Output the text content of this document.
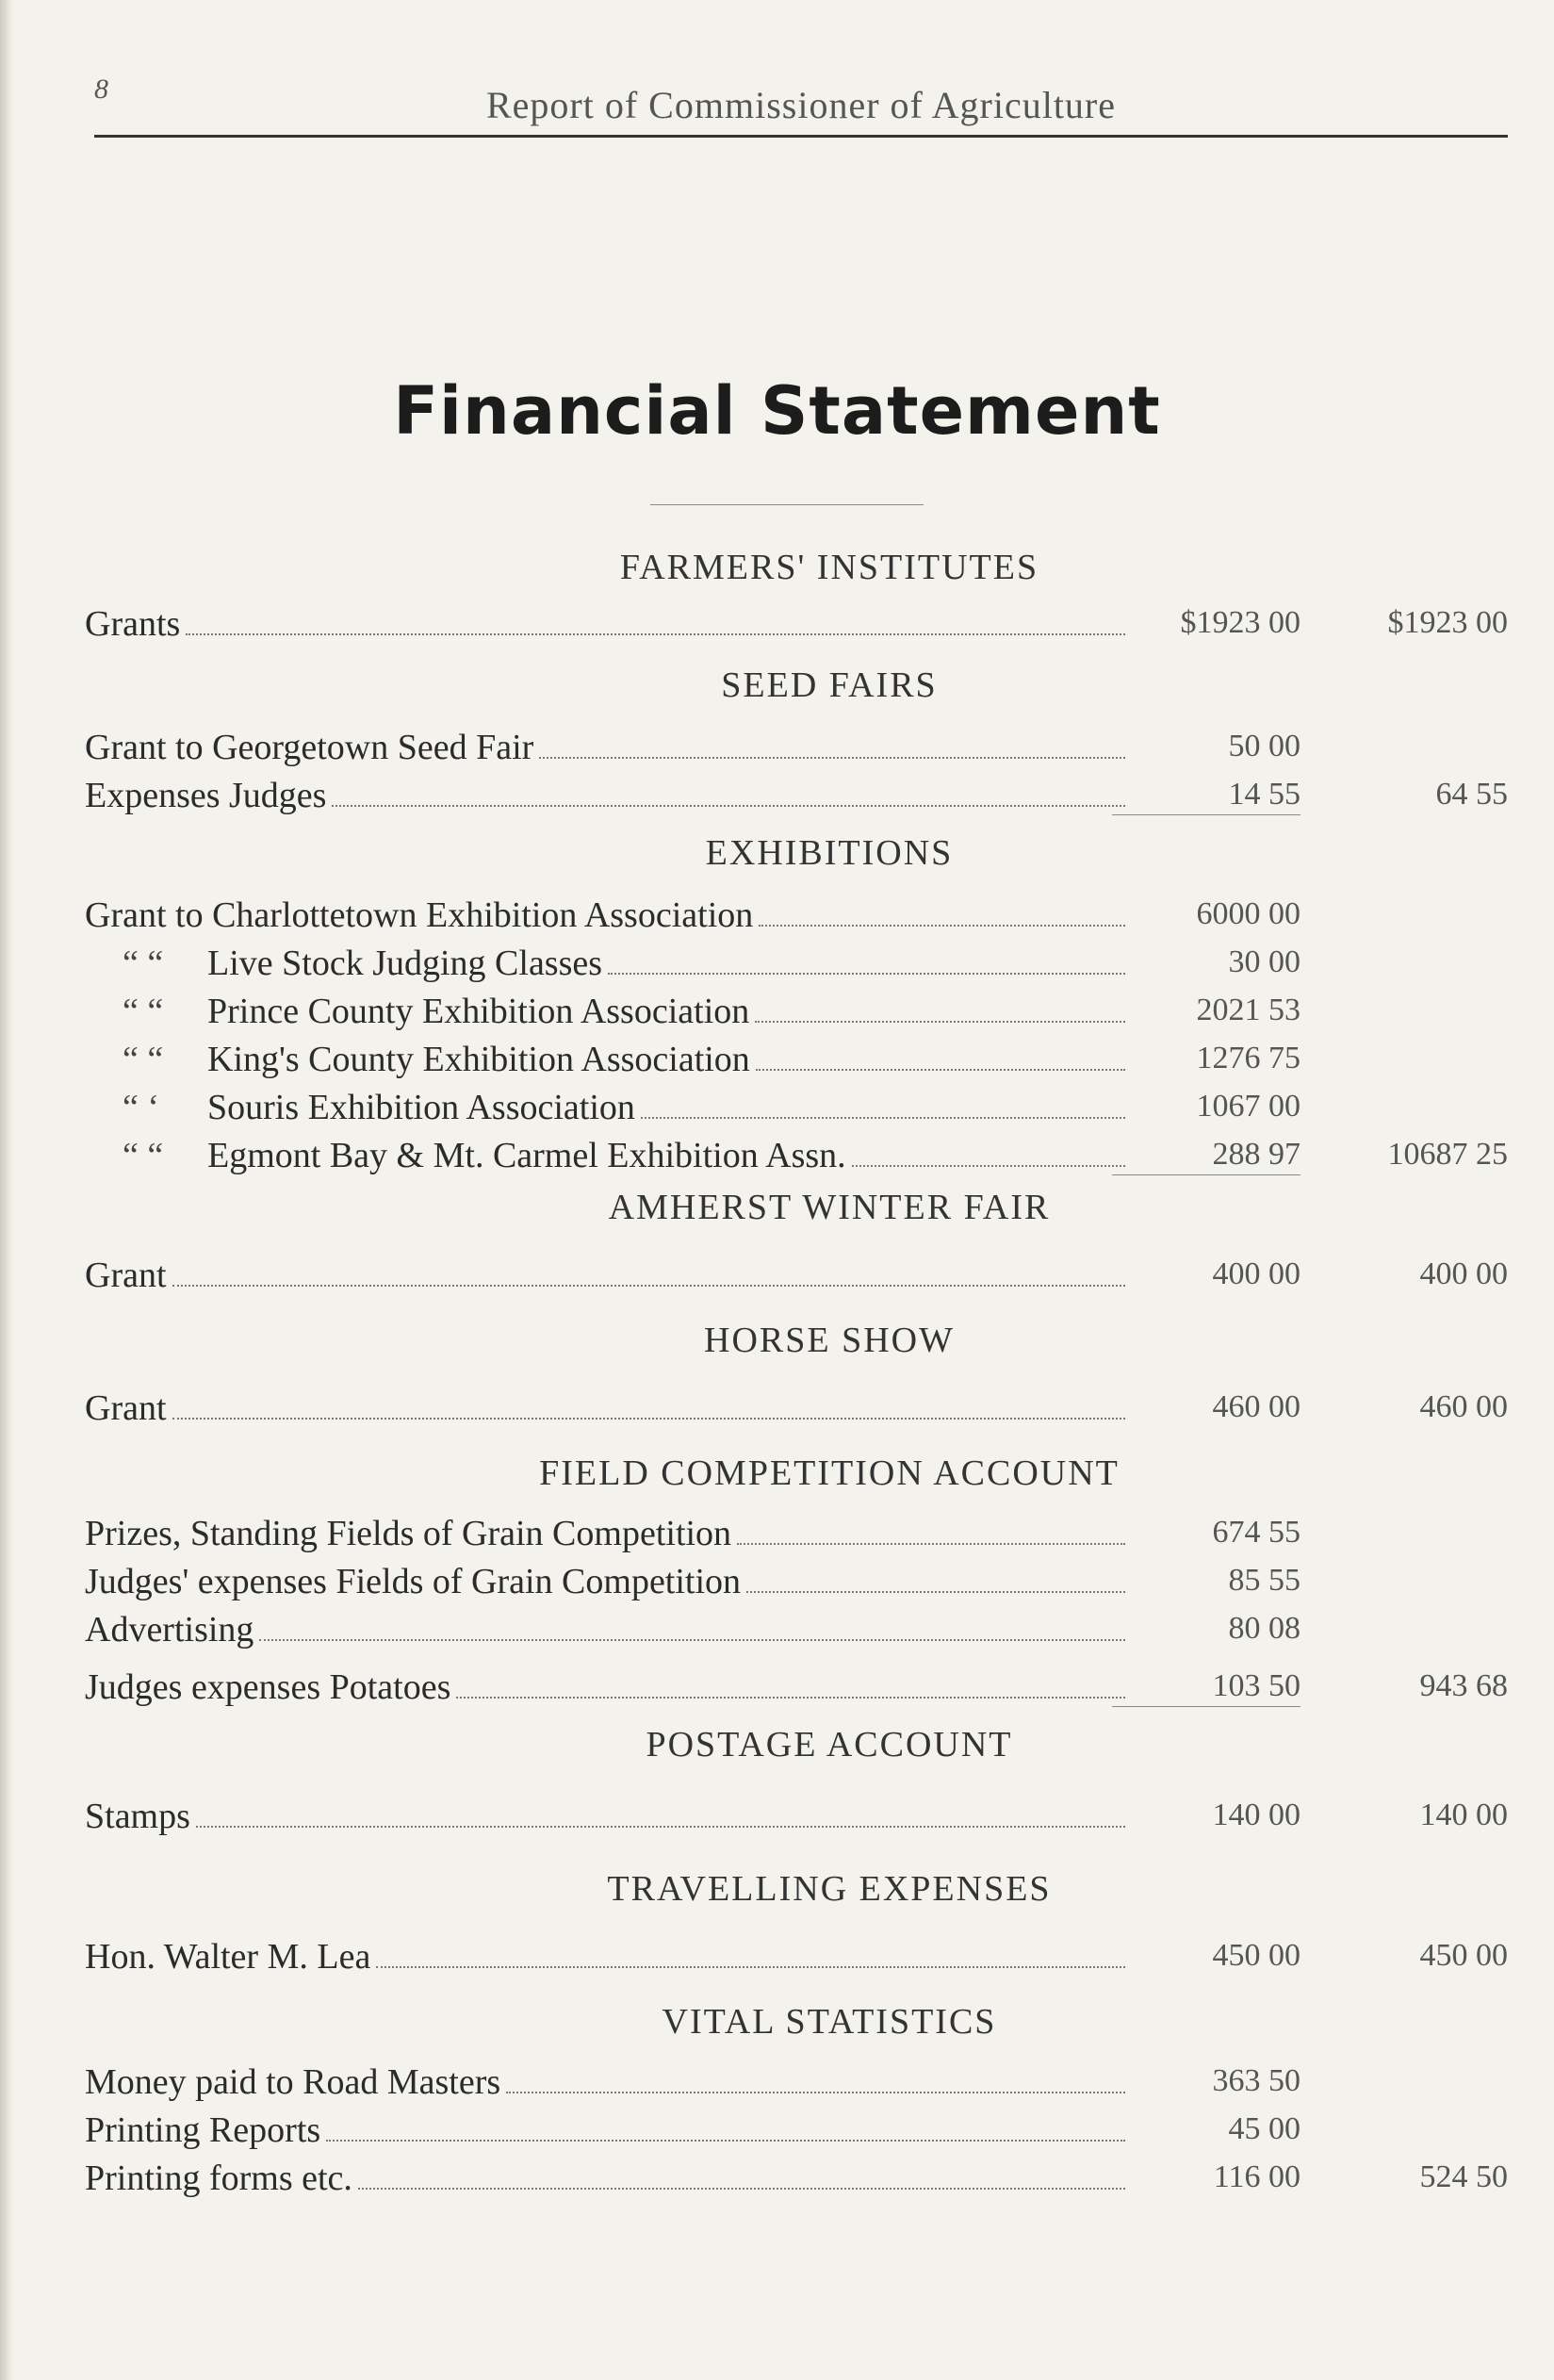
8	Report of Commissioner of Agriculture
Financial Statement
FARMERS' INSTITUTES
Grants	$1923 00	$1923 00
SEED FAIRS
Grant to Georgetown Seed Fair	50 00
Expenses Judges	14 55	64 55
EXHIBITIONS
Grant to Charlottetown Exhibition Association	6000 00
“ “	Live Stock Judging Classes	30 00
“ “	Prince County Exhibition Association	2021 53
“ “	King's County Exhibition Association	1276 75
“ ‘	Souris Exhibition Association	1067 00
“ “	Egmont Bay & Mt. Carmel Exhibition Assn.	288 97	10687 25
AMHERST WINTER FAIR
Grant	400 00	400 00
HORSE SHOW
Grant	460 00	460 00
FIELD COMPETITION ACCOUNT
Prizes, Standing Fields of Grain Competition	674 55
Judges' expenses Fields of Grain Competition	85 55
Advertising	80 08
Judges expenses Potatoes	103 50	943 68
POSTAGE ACCOUNT
Stamps	140 00	140 00
TRAVELLING EXPENSES
Hon. Walter M. Lea	450 00	450 00
VITAL STATISTICS
Money paid to Road Masters	363 50
Printing Reports	45 00
Printing forms etc.	116 00	524 50
